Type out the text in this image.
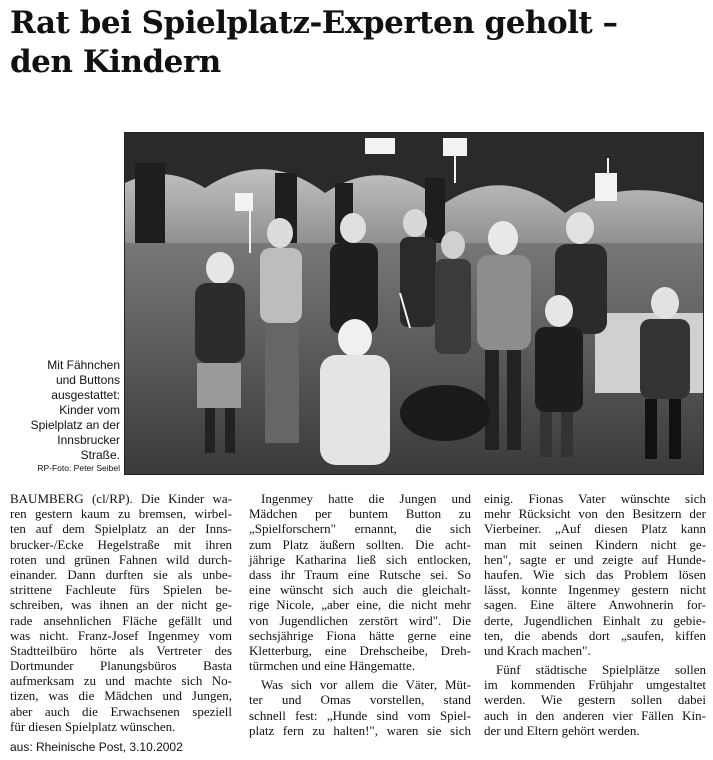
Rat bei Spielplatz-Experten geholt –
den Kindern
Mit Fähnchen
und Buttons
ausgestattet:
Kinder vom
Spielplatz an der
Innsbrucker
Straße.
RP-Foto: Peter Seibel
BAUMBERG (cl/RP). Die Kinder wa-
ren gestern kaum zu bremsen, wirbel-
ten auf dem Spielplatz an der Inns-
brucker-/Ecke Hegelstraße mit ihren
roten und grünen Fahnen wild durch-
einander. Dann durften sie als unbe-
strittene Fachleute fürs Spielen be-
schreiben, was ihnen an der nicht ge-
rade ansehnlichen Fläche gefällt und
was nicht. Franz-Josef Ingenmey vom
Stadtteilbüro hörte als Vertreter des
Dortmunder Planungsbüros Basta
aufmerksam zu und machte sich No-
tizen, was die Mädchen und Jungen,
aber auch die Erwachsenen speziell
für diesen Spielplatz wünschen.
Ingenmey hatte die Jungen und
Mädchen per buntem Button zu
„Spielforschern" ernannt, die sich
zum Platz äußern sollten. Die acht-
jährige Katharina ließ sich entlocken,
dass ihr Traum eine Rutsche sei. So
eine wünscht sich auch die gleichalt-
rige Nicole, „aber eine, die nicht mehr
von Jugendlichen zerstört wird". Die
sechsjährige Fiona hätte gerne eine
Kletterburg, eine Drehscheibe, Dreh-
türmchen und eine Hängematte.
Was sich vor allem die Väter, Müt-
ter und Omas vorstellen, stand
schnell fest: „Hunde sind vom Spiel-
platz fern zu halten!", waren sie sich
einig. Fionas Vater wünschte sich
mehr Rücksicht von den Besitzern der
Vierbeiner. „Auf diesen Platz kann
man mit seinen Kindern nicht ge-
hen", sagte er und zeigte auf Hunde-
haufen. Wie sich das Problem lösen
lässt, konnte Ingenmey gestern nicht
sagen. Eine ältere Anwohnerin for-
derte, Jugendlichen Einhalt zu gebie-
ten, die abends dort „saufen, kiffen
und Krach machen".
Fünf städtische Spielplätze sollen
im kommenden Frühjahr umgestaltet
werden. Wie gestern sollen dabei
auch in den anderen vier Fällen Kin-
der und Eltern gehört werden.
aus: Rheinische Post, 3.10.2002
